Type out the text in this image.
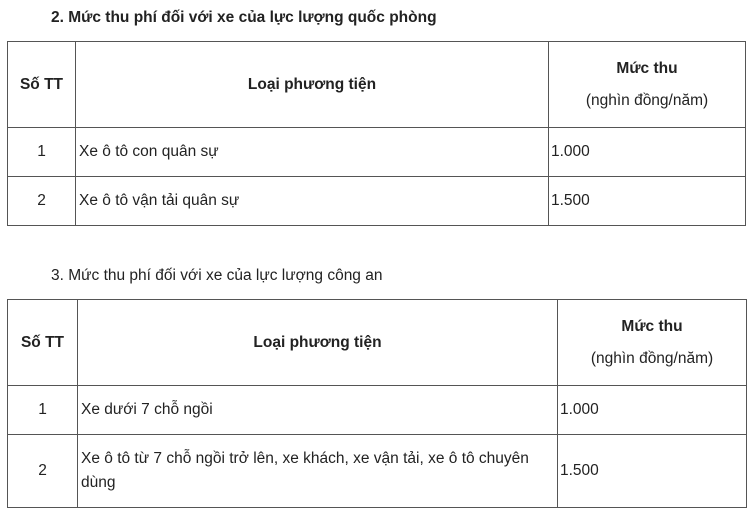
2. Mức thu phí đối với xe của lực lượng quốc phòng

Số TT	Loại phương tiện	Mức thu
(nghìn đồng/năm)

1	Xe ô tô con quân sự	1.000
2	Xe ô tô vận tải quân sự	1.500

3. Mức thu phí đối với xe của lực lượng công an

Số TT	Loại phương tiện	Mức thu
(nghìn đồng/năm)

1	Xe dưới 7 chỗ ngồi	1.000
2	Xe ô tô từ 7 chỗ ngồi trở lên, xe khách, xe vận tải, xe ô tô chuyên dùng	1.500
